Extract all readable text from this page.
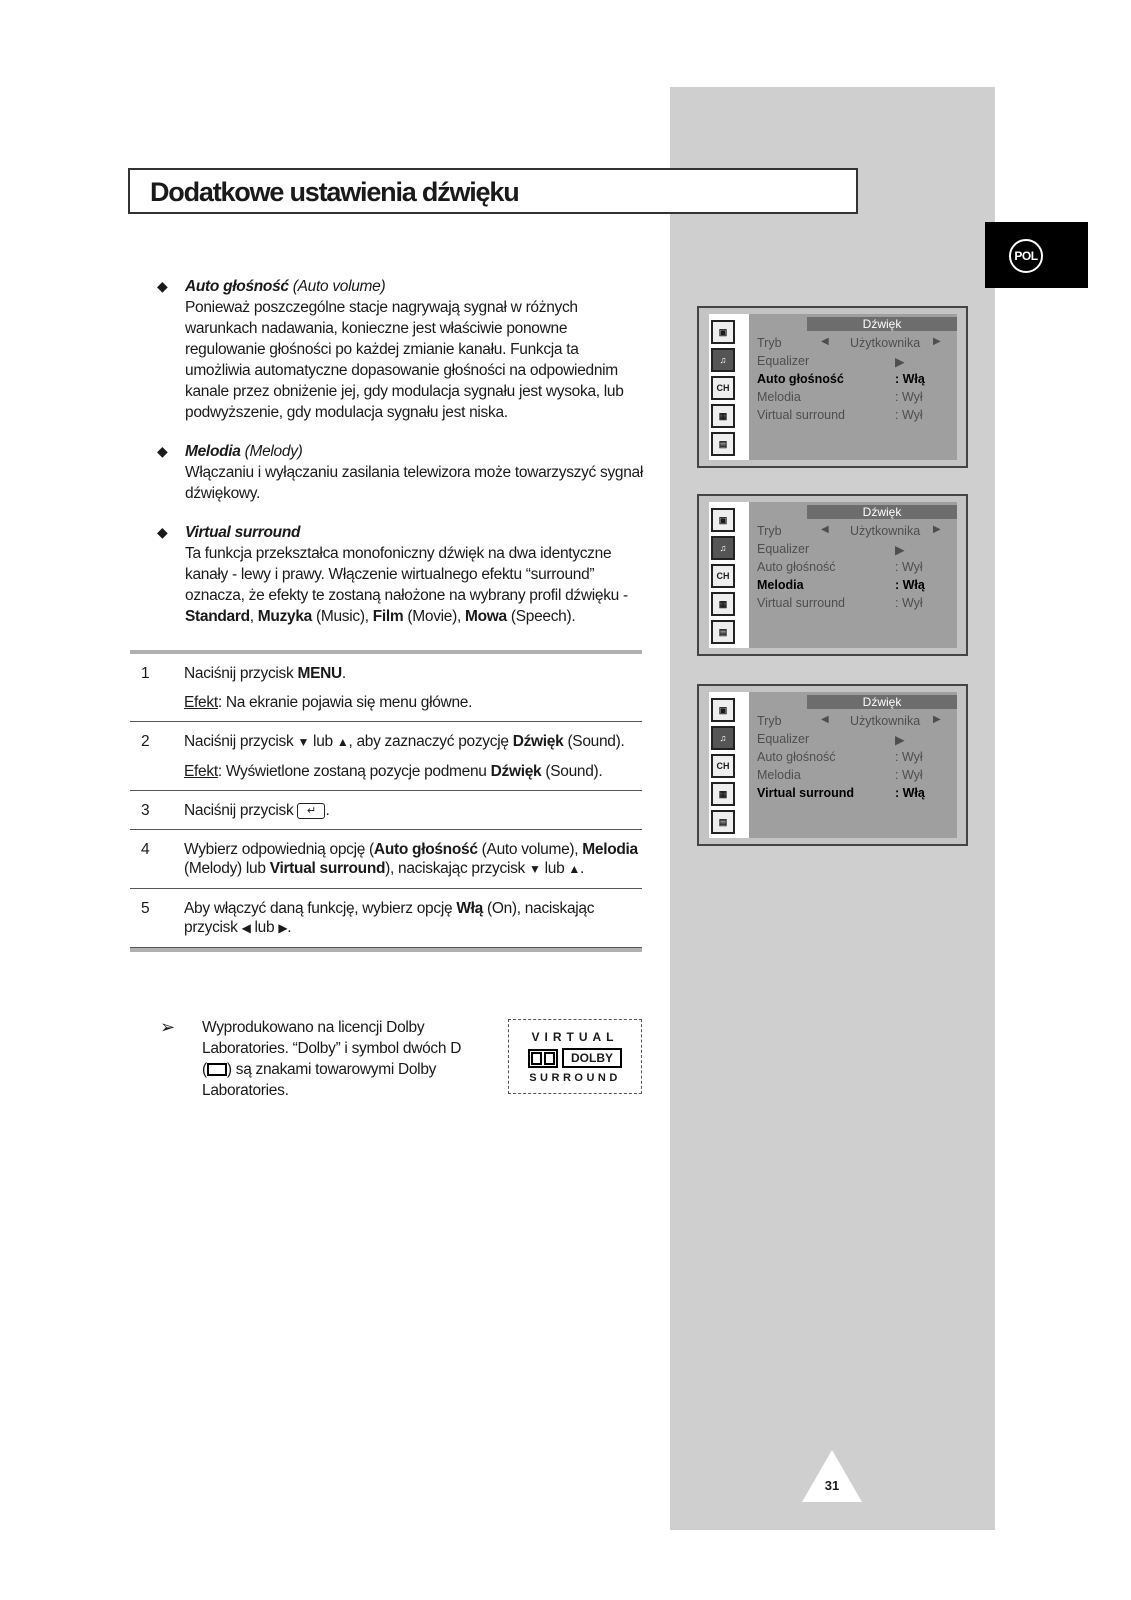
Dodatkowe ustawienia dźwięku
POL
◆ Auto głośność (Auto volume)
Ponieważ poszczególne stacje nagrywają sygnał w różnych warunkach nadawania, konieczne jest właściwie ponowne regulowanie głośności po każdej zmianie kanału. Funkcja ta umożliwia automatyczne dopasowanie głośności na odpowiednim kanale przez obniżenie jej, gdy modulacja sygnału jest wysoka, lub podwyższenie, gdy modulacja sygnału jest niska.
◆ Melodia (Melody)
Włączaniu i wyłączaniu zasilania telewizora może towarzyszyć sygnał dźwiękowy.
◆ Virtual surround
Ta funkcja przekształca monofoniczny dźwięk na dwa identyczne kanały - lewy i prawy. Włączenie wirtualnego efektu “surround” oznacza, że efekty te zostaną nałożone na wybrany profil dźwięku - Standard, Muzyka (Music), Film (Movie), Mowa (Speech).
1 Naciśnij przycisk MENU.
Efekt: Na ekranie pojawia się menu główne.
2 Naciśnij przycisk ▼ lub ▲, aby zaznaczyć pozycję Dźwięk (Sound).
Efekt: Wyświetlone zostaną pozycje podmenu Dźwięk (Sound).
3 Naciśnij przycisk ↵ .
4 Wybierz odpowiednią opcję (Auto głośność (Auto volume), Melodia (Melody) lub Virtual surround), naciskając przycisk ▼ lub ▲.
5 Aby włączyć daną funkcję, wybierz opcję Włą (On), naciskając przycisk ◀ lub ▶.
➢ Wyprodukowano na licencji Dolby
Laboratories. “Dolby” i symbol dwóch D
( ) są znakami towarowymi Dolby
Laboratories.
VIRTUAL
DOLBY
SURROUND
▣
♫
CH
▦
▤
Dźwięk
Tryb	◀ Użytkownika ▶
Equalizer	▶
Auto głośność	: Włą
Melodia	: Wył
Virtual surround	: Wył
▣
♫
CH
▦
▤
Dźwięk
Tryb	◀ Użytkownika ▶
Equalizer	▶
Auto głośność	: Wył
Melodia	: Włą
Virtual surround	: Wył
▣
♫
CH
▦
▤
Dźwięk
Tryb	◀ Użytkownika ▶
Equalizer	▶
Auto głośność	: Wył
Melodia	: Wył
Virtual surround	: Włą
31
